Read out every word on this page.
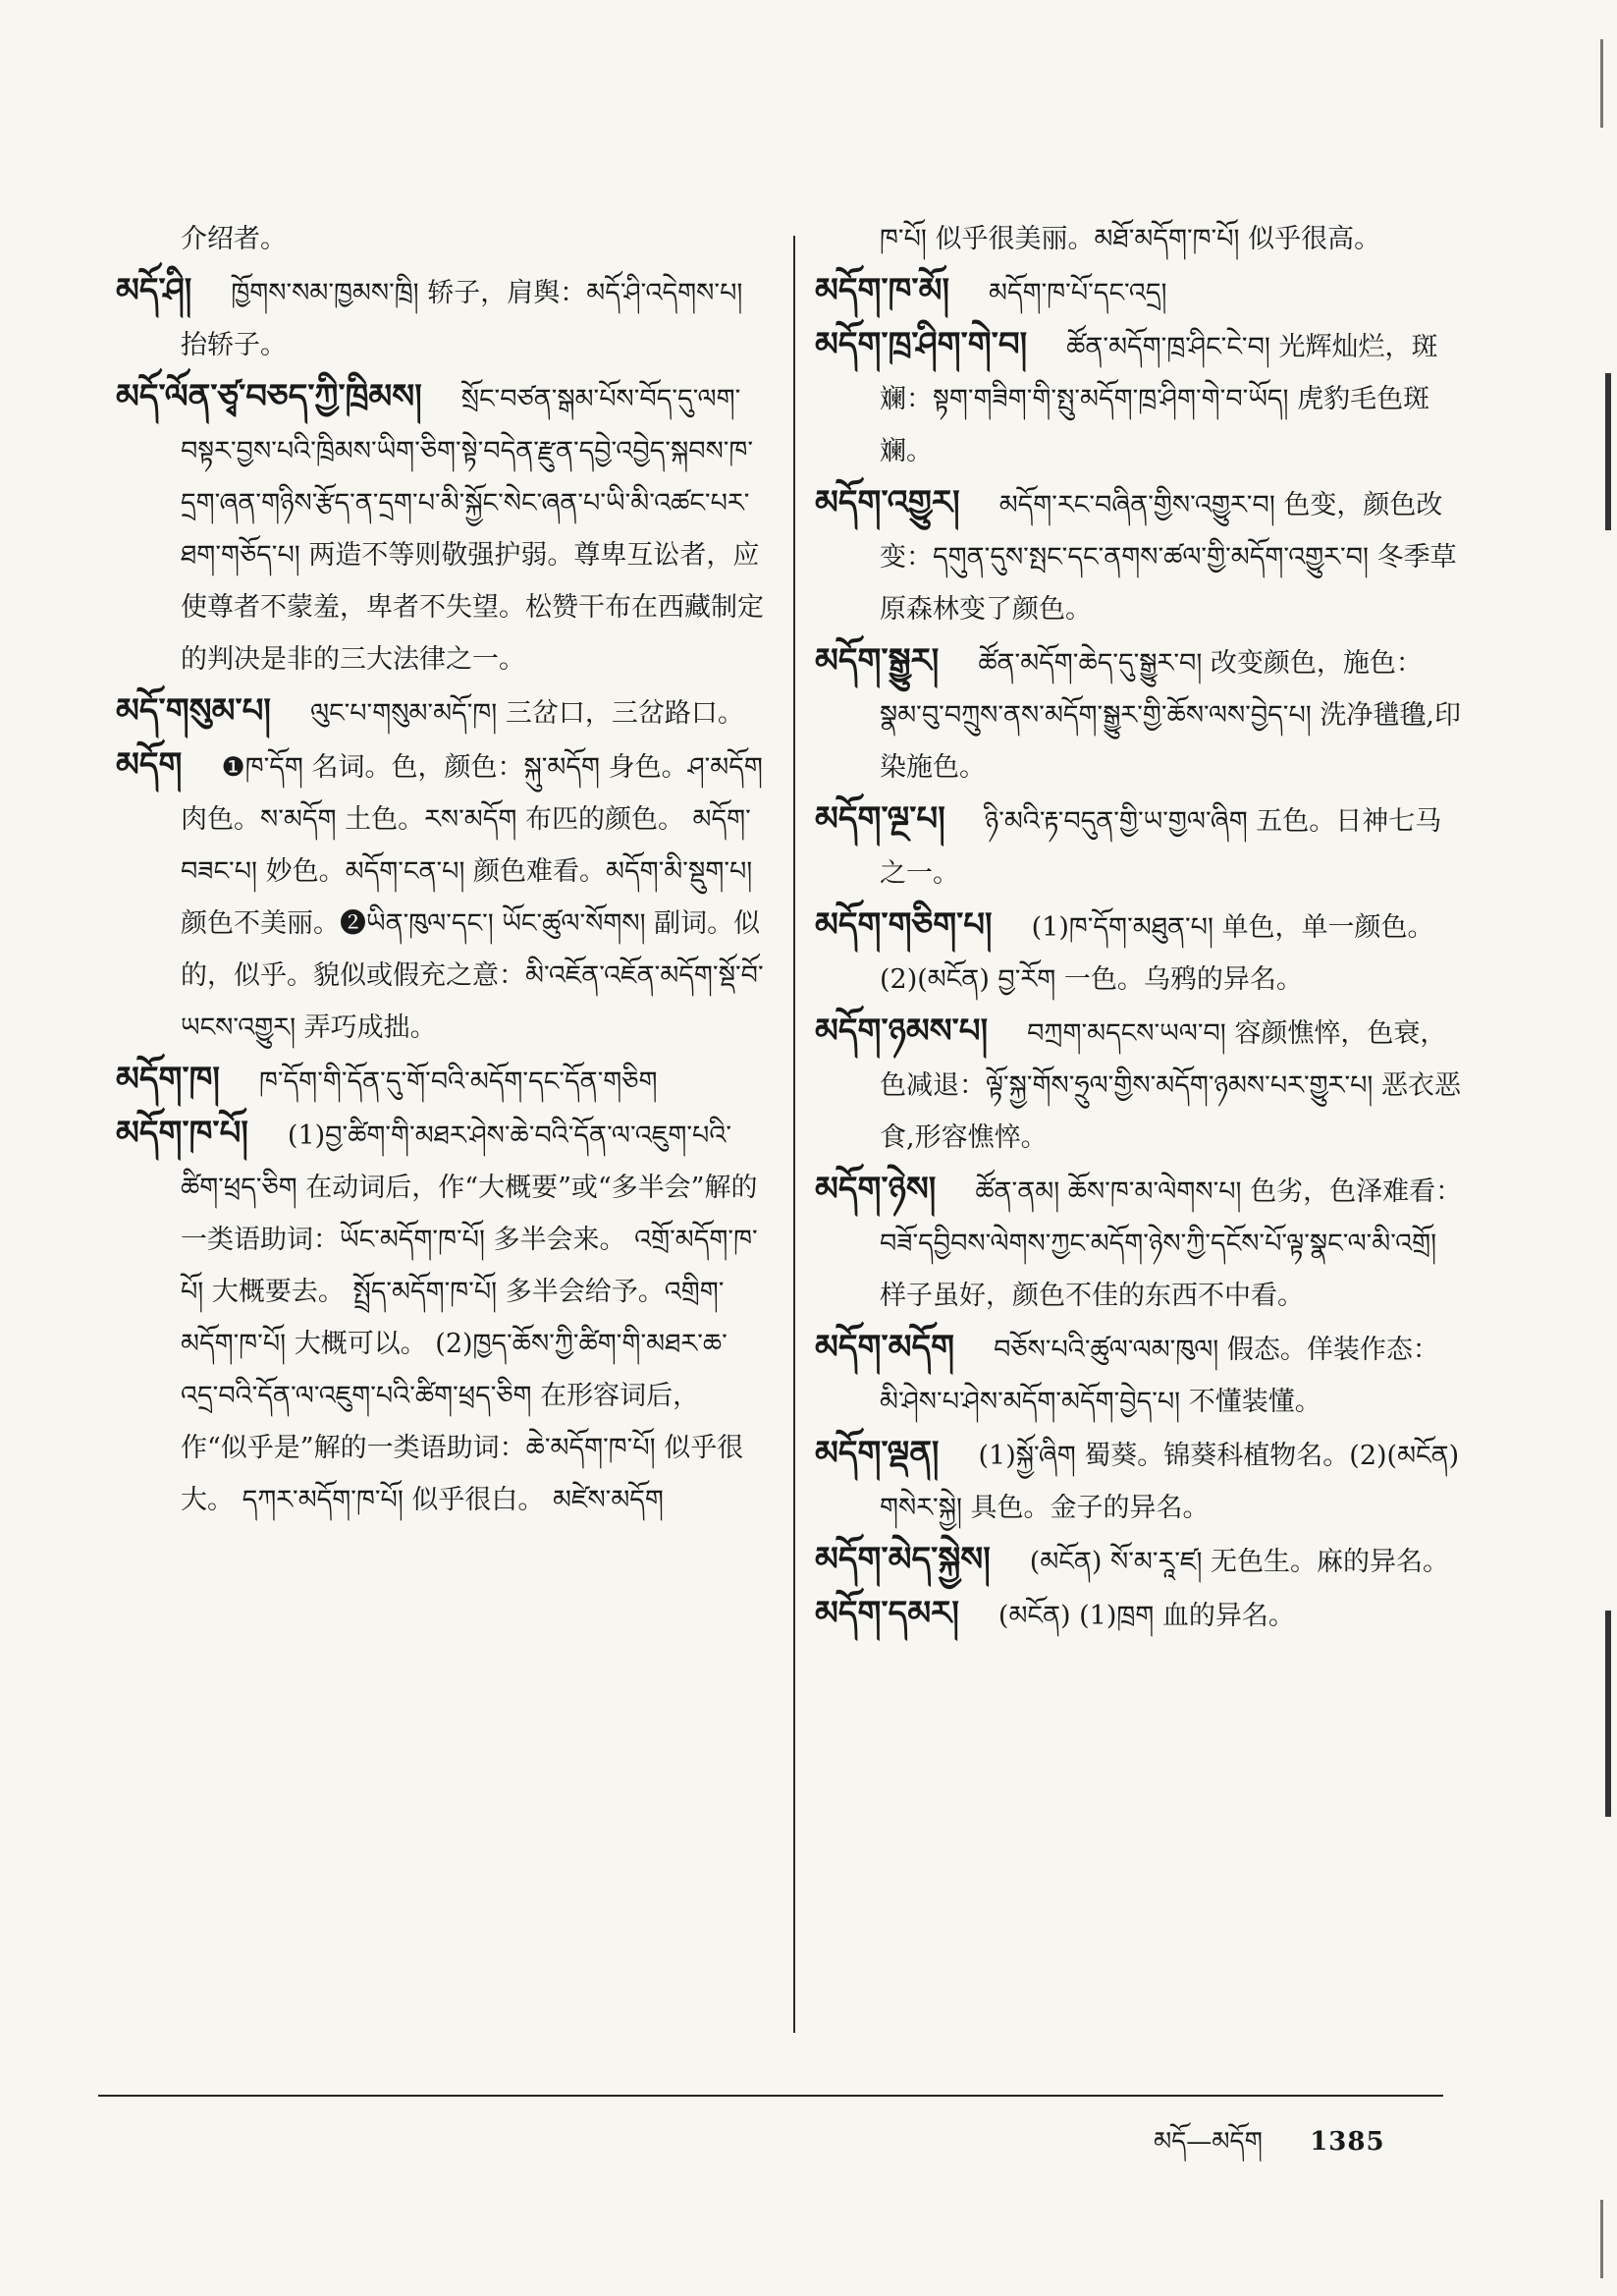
介绍者。
མདོ་ཤི། ཁྱོགས་སམ་ཁྱམས་ཁྲི། 轿子，肩舆：མདོ་ཤི་འདེགས་པ། 抬轿子。
མདོ་ལོན་ཙྭ་བཅད་ཀྱི་ཁྲིམས། སྲོང་བཙན་སྒམ་པོས་བོད་དུ་ལག་བསྟར་བྱས་པའི་ཁྲིམས་ཡིག་ཅིག་སྟེ་བདེན་རྫུན་དབྱེ་འབྱེད་སྐབས་ཁ་དྲག་ཞན་གཉིས་རྩོད་ན་དྲག་པ་མི་སྐྱོང་སེང་ཞན་པ་ཡི་མི་འཚང་པར་ཐག་གཅོད་པ། 两造不等则敬强护弱。尊卑互讼者，应使尊者不蒙羞，卑者不失望。松赞干布在西藏制定的判决是非的三大法律之一。
མདོ་གསུམ་པ། ལུང་པ་གསུམ་མདོ་ཁ། 三岔口，三岔路口。
མདོག ❶ཁ་དོག 名词。色，颜色：སྐུ་མདོག 身色。ཤ་མདོག 肉色。ས་མདོག 土色。རས་མདོག 布匹的颜色。 མདོག་བཟང་པ། 妙色。མདོག་ངན་པ། 颜色难看。མདོག་མི་སྡུག་པ། 颜色不美丽。❷ཡིན་ཁུལ་དང་། ཡོང་ཚུལ་སོགས། 副词。似的，似乎。貌似或假充之意：མི་འཇོན་འཇོན་མདོག་སྡོ་བོ་ཡངས་འགྱུར། 弄巧成拙。
མདོག་ཁ། ཁ་དོག་གི་དོན་དུ་གོ་བའི་མདོག་དང་དོན་གཅིག
མདོག་ཁ་པོ། (1)བྱ་ཚིག་གི་མཐར་ཤེས་ཆེ་བའི་དོན་ལ་འཇུག་པའི་ཚིག་ཕྲད་ཅིག 在动词后，作“大概要”或“多半会”解的一类语助词：ཡོང་མདོག་ཁ་པོ། 多半会来。 འགྲོ་མདོག་ཁ་པོ། 大概要去。 སྤྲོད་མདོག་ཁ་པོ། 多半会给予。འགྲིག་མདོག་ཁ་པོ། 大概可以。 (2)ཁྱད་ཆོས་ཀྱི་ཚིག་གི་མཐར་ཆ་འདྲ་བའི་དོན་ལ་འཇུག་པའི་ཚིག་ཕྲད་ཅིག 在形容词后，作“似乎是”解的一类语助词：ཆེ་མདོག་ཁ་པོ། 似乎很大。 དཀར་མདོག་ཁ་པོ། 似乎很白。 མཛེས་མདོག
ཁ་པོ། 似乎很美丽。མཐོ་མདོག་ཁ་པོ། 似乎很高。
མདོག་ཁ་མོ། མདོག་ཁ་པོ་དང་འདྲ།
མདོག་ཁྲ་ཤིག་གེ་བ། ཚོན་མདོག་ཁྲ་ཤིང་ངེ་བ། 光辉灿烂，斑斓：སྟག་གཟིག་གི་སྤུ་མདོག་ཁྲ་ཤིག་གེ་བ་ཡོད། 虎豹毛色斑斓。
མདོག་འགྱུར། མདོག་རང་བཞིན་གྱིས་འགྱུར་བ། 色变，颜色改变：དགུན་དུས་སྤང་དང་ནགས་ཚལ་གྱི་མདོག་འགྱུར་བ། 冬季草原森林变了颜色。
མདོག་སྒྱུར། ཚོན་མདོག་ཆེད་དུ་སྒྱུར་བ། 改变颜色，施色：སྣམ་བུ་བཀྲུས་ནས་མདོག་སྒྱུར་གྱི་ཆོས་ལས་བྱེད་པ། 洗净氆氇,印染施色。
མདོག་ལྔ་པ། ཉི་མའི་རྟ་བདུན་གྱི་ཡ་གྱལ་ཞིག 五色。日神七马之一。
མདོག་གཅིག་པ། (1)ཁ་དོག་མཐུན་པ། 单色，单一颜色。(2)(མངོན) བྱ་རོག 一色。乌鸦的异名。
མདོག་ཉམས་པ། བཀྲག་མདངས་ཡལ་བ། 容颜憔悴，色衰，色减退：ལྟོ་སྐྱ་གོས་ཧྲུལ་གྱིས་མདོག་ཉམས་པར་གྱུར་པ། 恶衣恶食,形容憔悴。
མདོག་ཉེས། ཚོན་ནམ། ཆོས་ཁ་མ་ལེགས་པ། 色劣，色泽难看：བཟོ་དབྱིབས་ལེགས་ཀྱང་མདོག་ཉེས་ཀྱི་དངོས་པོ་ལྟ་སྣང་ལ་མི་འགྲོ། 样子虽好，颜色不佳的东西不中看。
མདོག་མདོག བཅོས་པའི་ཚུལ་ལམ་ཁུལ། 假态。佯装作态：མི་ཤེས་པ་ཤེས་མདོག་མདོག་བྱེད་པ། 不懂装懂。
མདོག་ལྡན། (1)སྐྱོ་ཞིག 蜀葵。锦葵科植物名。(2)(མངོན) གསེར་སྐྱེ། 具色。金子的异名。
མདོག་མེད་སྐྱེས། (མངོན) སོ་མ་རཱ་ཛ། 无色生。麻的异名。
མདོག་དམར། (མངོན) (1)ཁྲག 血的异名。
མདོ—མདོག 1385
